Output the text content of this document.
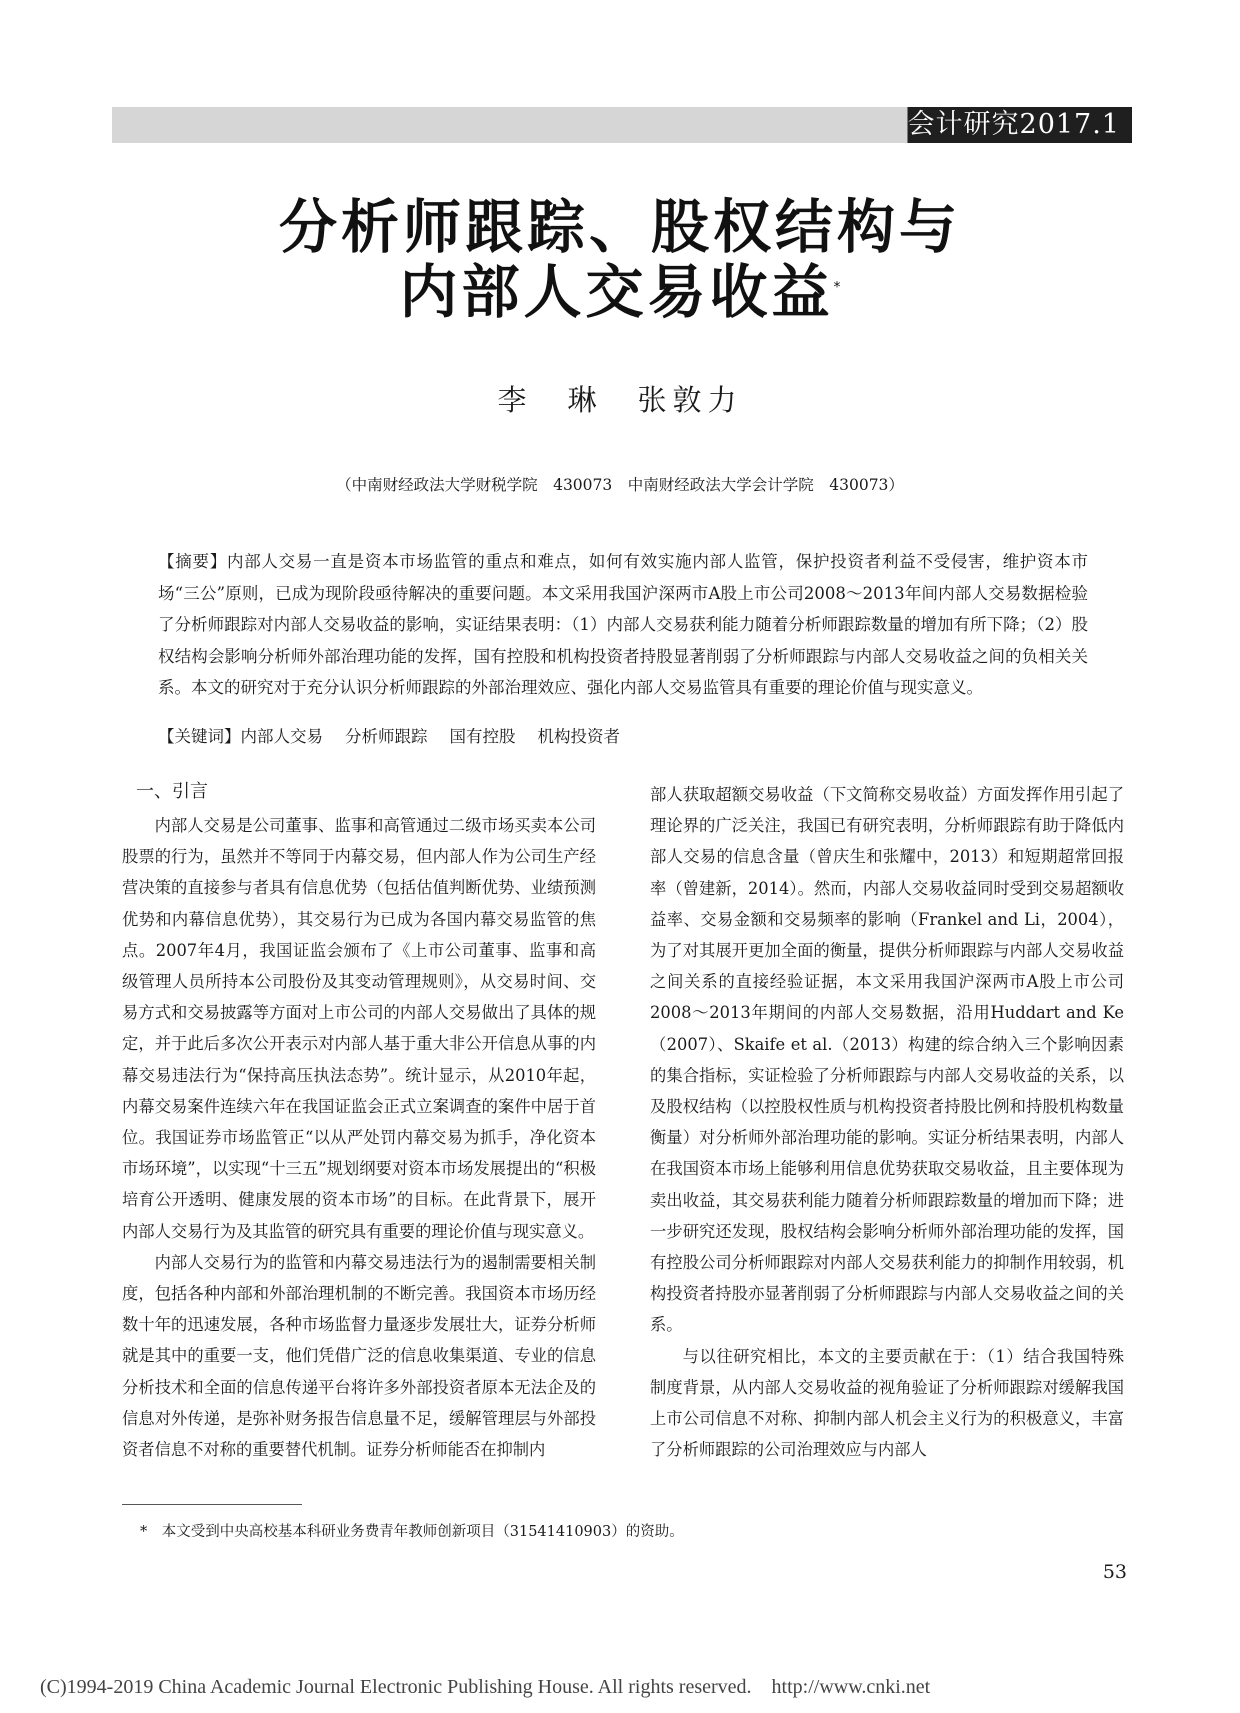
会计研究2017.1
分析师跟踪、股权结构与
内部人交易收益*
李　琳　张敦力
（中南财经政法大学财税学院　430073　中南财经政法大学会计学院　430073）
【摘要】内部人交易一直是资本市场监管的重点和难点，如何有效实施内部人监管，保护投资者利益不受侵害，维护资本市场“三公”原则，已成为现阶段亟待解决的重要问题。本文采用我国沪深两市A股上市公司2008～2013年间内部人交易数据检验了分析师跟踪对内部人交易收益的影响，实证结果表明：（1）内部人交易获利能力随着分析师跟踪数量的增加有所下降；（2）股权结构会影响分析师外部治理功能的发挥，国有控股和机构投资者持股显著削弱了分析师跟踪与内部人交易收益之间的负相关关系。本文的研究对于充分认识分析师跟踪的外部治理效应、强化内部人交易监管具有重要的理论价值与现实意义。
【关键词】内部人交易 分析师跟踪 国有控股 机构投资者
一、引言

内部人交易是公司董事、监事和高管通过二级市场买卖本公司股票的行为，虽然并不等同于内幕交易，但内部人作为公司生产经营决策的直接参与者具有信息优势（包括估值判断优势、业绩预测优势和内幕信息优势），其交易行为已成为各国内幕交易监管的焦点。2007年4月，我国证监会颁布了《上市公司董事、监事和高级管理人员所持本公司股份及其变动管理规则》，从交易时间、交易方式和交易披露等方面对上市公司的内部人交易做出了具体的规定，并于此后多次公开表示对内部人基于重大非公开信息从事的内幕交易违法行为“保持高压执法态势”。统计显示，从2010年起，内幕交易案件连续六年在我国证监会正式立案调查的案件中居于首位。我国证券市场监管正“以从严处罚内幕交易为抓手，净化资本市场环境”，以实现“十三五”规划纲要对资本市场发展提出的“积极培育公开透明、健康发展的资本市场”的目标。在此背景下，展开内部人交易行为及其监管的研究具有重要的理论价值与现实意义。

内部人交易行为的监管和内幕交易违法行为的遏制需要相关制度，包括各种内部和外部治理机制的不断完善。我国资本市场历经数十年的迅速发展，各种市场监督力量逐步发展壮大，证券分析师就是其中的重要一支，他们凭借广泛的信息收集渠道、专业的信息分析技术和全面的信息传递平台将许多外部投资者原本无法企及的信息对外传递，是弥补财务报告信息量不足，缓解管理层与外部投资者信息不对称的重要替代机制。证券分析师能否在抑制内

部人获取超额交易收益（下文简称交易收益）方面发挥作用引起了理论界的广泛关注，我国已有研究表明，分析师跟踪有助于降低内部人交易的信息含量（曾庆生和张耀中，2013）和短期超常回报率（曾建新，2014）。然而，内部人交易收益同时受到交易超额收益率、交易金额和交易频率的影响（Frankel and Li，2004），为了对其展开更加全面的衡量，提供分析师跟踪与内部人交易收益之间关系的直接经验证据，本文采用我国沪深两市A股上市公司2008～2013年期间的内部人交易数据，沿用Huddart and Ke（2007）、Skaife et al.（2013）构建的综合纳入三个影响因素的集合指标，实证检验了分析师跟踪与内部人交易收益的关系，以及股权结构（以控股权性质与机构投资者持股比例和持股机构数量衡量）对分析师外部治理功能的影响。实证分析结果表明，内部人在我国资本市场上能够利用信息优势获取交易收益，且主要体现为卖出收益，其交易获利能力随着分析师跟踪数量的增加而下降；进一步研究还发现，股权结构会影响分析师外部治理功能的发挥，国有控股公司分析师跟踪对内部人交易获利能力的抑制作用较弱，机构投资者持股亦显著削弱了分析师跟踪与内部人交易收益之间的关系。

与以往研究相比，本文的主要贡献在于：（1）结合我国特殊制度背景，从内部人交易收益的视角验证了分析师跟踪对缓解我国上市公司信息不对称、抑制内部人机会主义行为的积极意义，丰富了分析师跟踪的公司治理效应与内部人

*　本文受到中央高校基本科研业务费青年教师创新项目（31541410903）的资助。
53
(C)1994-2019 China Academic Journal Electronic Publishing House. All rights reserved.　http://www.cnki.net
